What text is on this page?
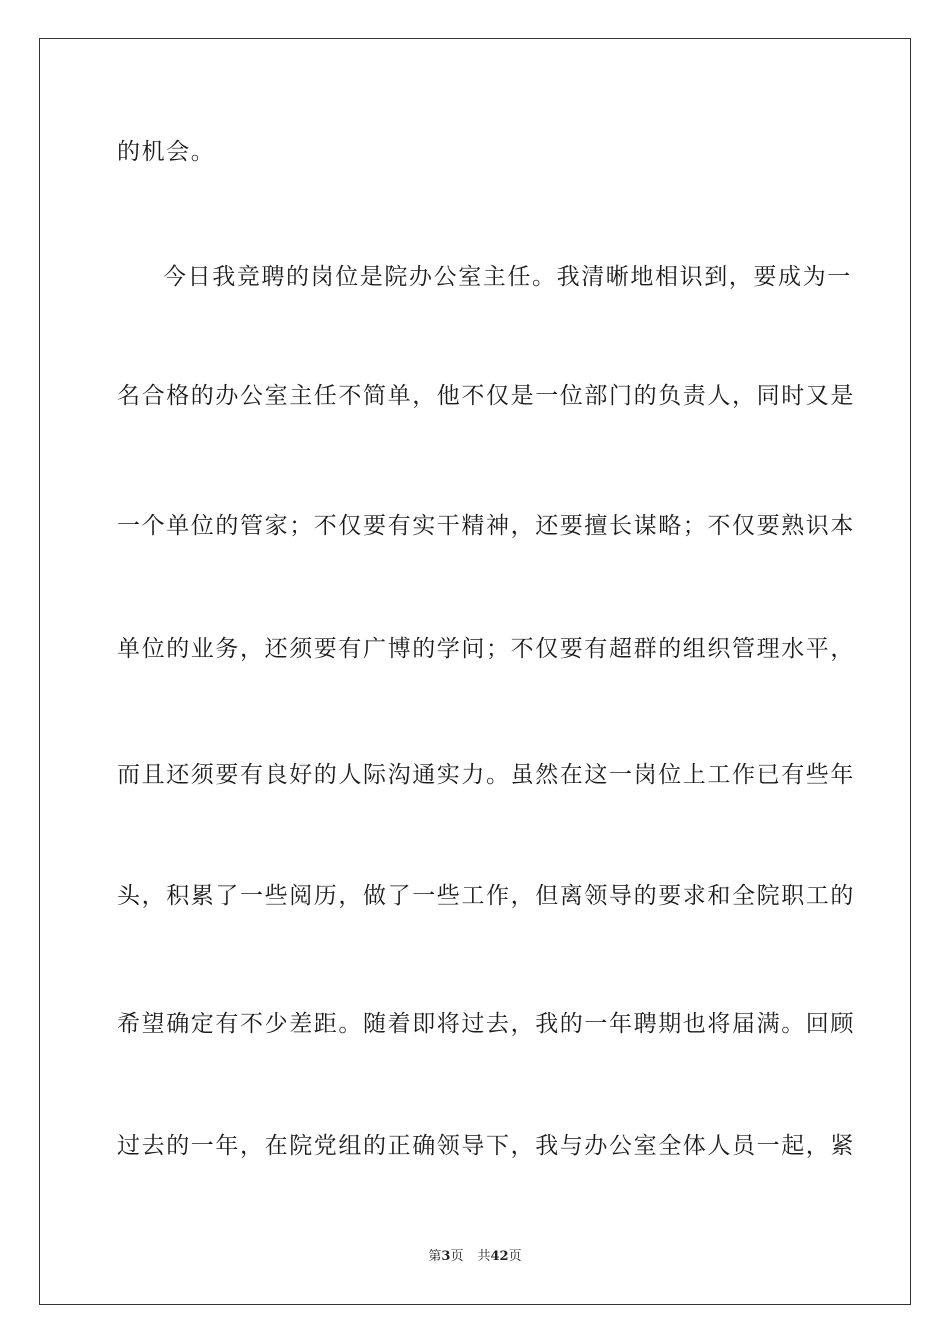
的机会。
今日我竞聘的岗位是院办公室主任。我清晰地相识到，要成为一
名合格的办公室主任不简单，他不仅是一位部门的负责人，同时又是
一个单位的管家；不仅要有实干精神，还要擅长谋略；不仅要熟识本
单位的业务，还须要有广博的学问；不仅要有超群的组织管理水平，
而且还须要有良好的人际沟通实力。虽然在这一岗位上工作已有些年
头，积累了一些阅历，做了一些工作，但离领导的要求和全院职工的
希望确定有不少差距。随着即将过去，我的一年聘期也将届满。回顾
过去的一年，在院党组的正确领导下，我与办公室全体人员一起，紧
第3页 共42页
